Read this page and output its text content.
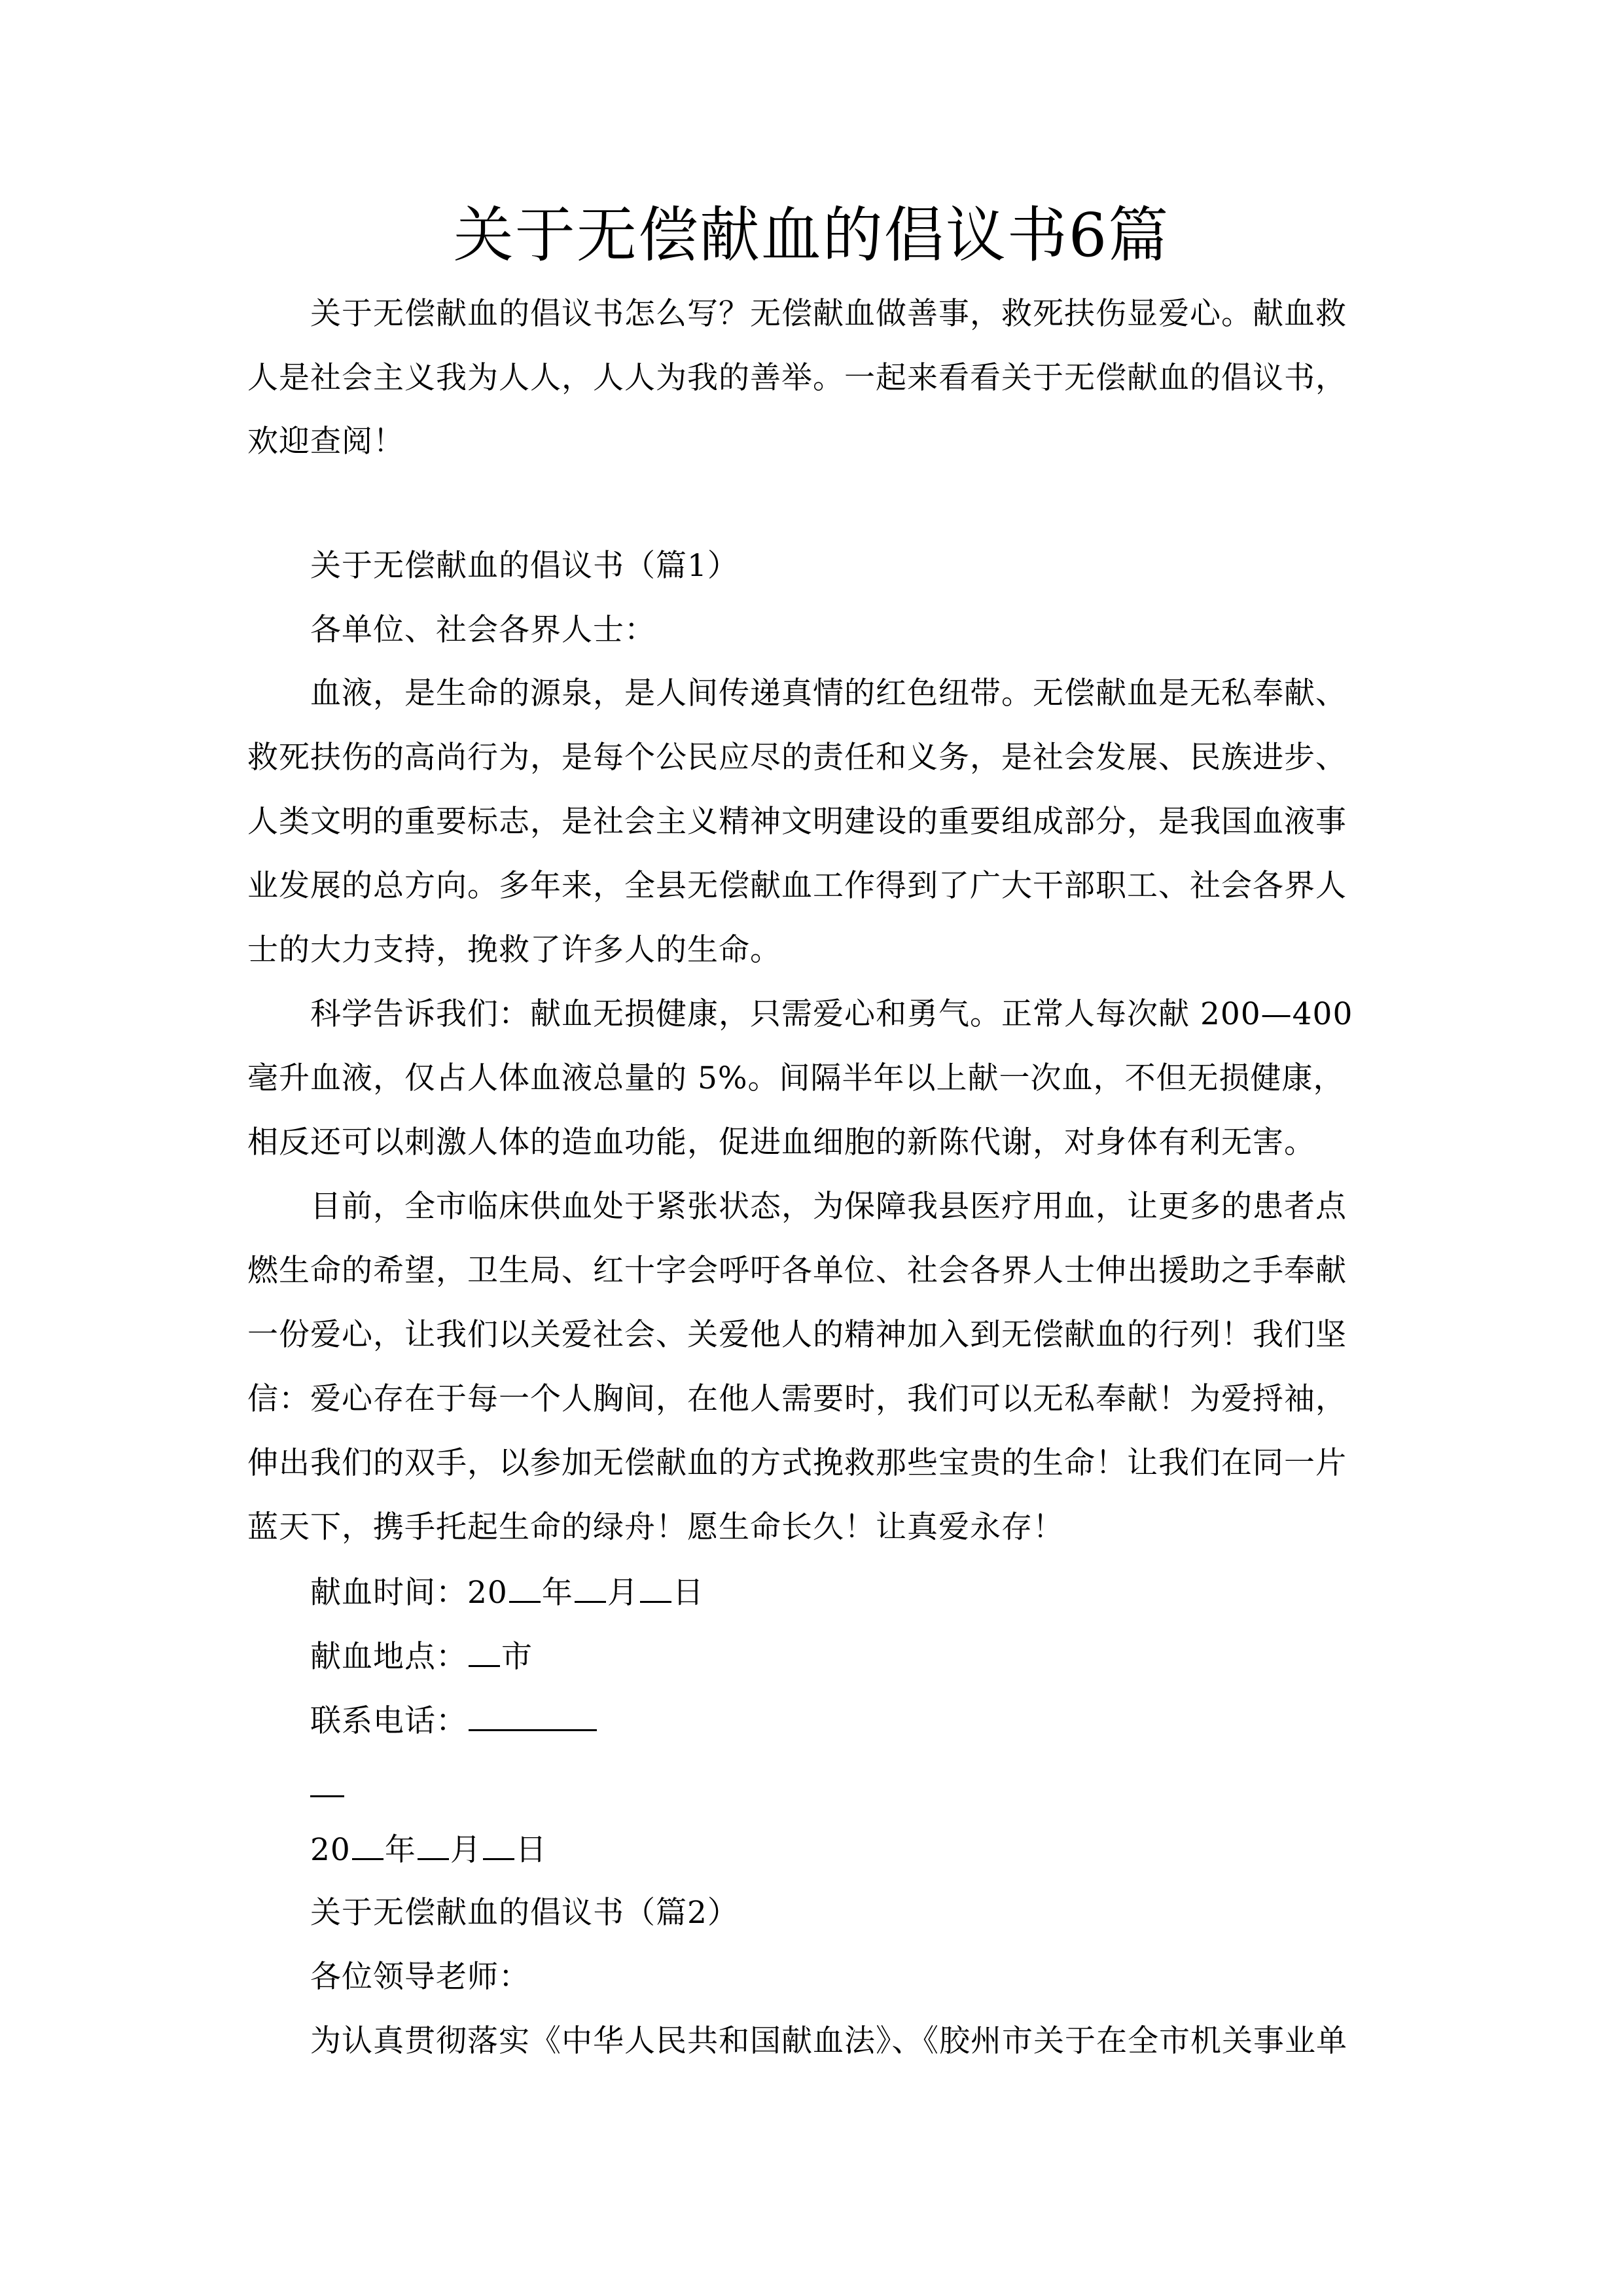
关于无偿献血的倡议书6篇
关于无偿献血的倡议书怎么写？无偿献血做善事，救死扶伤显爱心。献血救
人是社会主义我为人人，人人为我的善举。一起来看看关于无偿献血的倡议书，
欢迎查阅！
关于无偿献血的倡议书（篇1）
各单位、社会各界人士：
血液，是生命的源泉，是人间传递真情的红色纽带。无偿献血是无私奉献、
救死扶伤的高尚行为，是每个公民应尽的责任和义务，是社会发展、民族进步、
人类文明的重要标志，是社会主义精神文明建设的重要组成部分，是我国血液事
业发展的总方向。多年来，全县无偿献血工作得到了广大干部职工、社会各界人
士的大力支持，挽救了许多人的生命。
科学告诉我们：献血无损健康，只需爱心和勇气。正常人每次献 200—400
毫升血液，仅占人体血液总量的 5%。间隔半年以上献一次血，不但无损健康，
相反还可以刺激人体的造血功能，促进血细胞的新陈代谢，对身体有利无害。
目前，全市临床供血处于紧张状态，为保障我县医疗用血，让更多的患者点
燃生命的希望，卫生局、红十字会呼吁各单位、社会各界人士伸出援助之手奉献
一份爱心，让我们以关爱社会、关爱他人的精神加入到无偿献血的行列！我们坚
信：爱心存在于每一个人胸间，在他人需要时，我们可以无私奉献！为爱捋袖，
伸出我们的双手，以参加无偿献血的方式挽救那些宝贵的生命！让我们在同一片
蓝天下，携手托起生命的绿舟！愿生命长久！让真爱永存！
献血时间：20 年 月 日
献血地点： 市
联系电话：
20 年 月 日
关于无偿献血的倡议书（篇2）
各位领导老师：
为认真贯彻落实《中华人民共和国献血法》、《胶州市关于在全市机关事业单
